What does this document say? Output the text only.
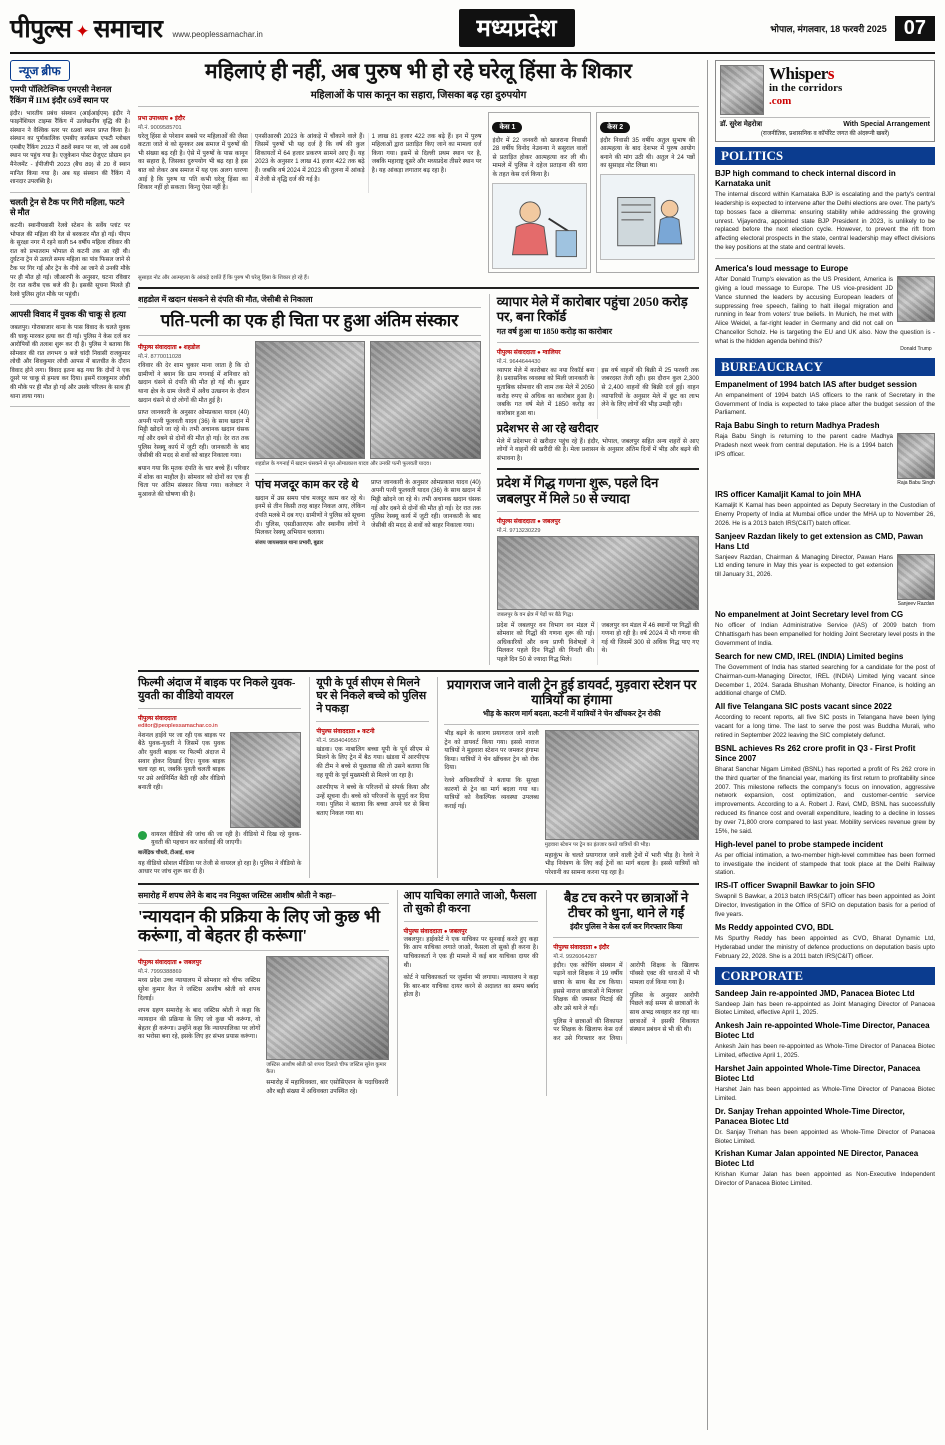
पीपुल्स ✦ समाचार www.peoplessamachar.in	मध्यप्रदेश	भोपाल, मंगलवार, 18 फरवरी 2025 07
न्यूज ब्रीफ
एमपी पॉलिटेक्निक एमएसी नेशनल रैंकिंग में IIM इंदौर 69वें स्थान पर
इंदौर। भारतीय प्रबंध संस्थान (आईआईएम) इंदौर ने फाइनेंशियल टाइम्स रैंकिंग में उल्लेखनीय वृद्धि की है। संस्थान ने वैश्विक स्तर पर 69वां स्थान प्राप्त किया है। संस्थान का पूर्णकालिक एमबीए कार्यक्रम एफटी ग्लोबल एमबीए रैंकिंग 2023 में 88वें स्थान पर था, जो अब 69वें स्थान पर पहुंच गया है। एजुकेशन पोस्ट ग्रेजुएट प्रोग्राम इन मैनेजमेंट - ईपीजीपी 2023 (बैच 89) से 20 वें स्थान मानित किया गया है। अब यह संस्थान की रैंकिंग में शानदार उपलब्धि है।
चलती ट्रेन से टैक पर गिरी महिला, फटने से मौत
कटनी। स्थानीयवासी रेलवे स्टेशन के सर्वेय प्लांट पर भोपाल की महिला की रेल से बरकरार मौत हो गई। पीएम के सुरक्षा नगर में रहने वाली 54 वर्षीय महिला रविवार की रात को प्रभातराम भोपाल से कटनी तक आ रही थी। दुर्घटना ट्रेन से उतरते समय महिला का पांव फिसल जाने से टैक पर गिर गई और ट्रेन के नीचे आ जाने से उनकी मौके पर ही मौत हो गई। जीआरपी के अनुसार, घटना रविवार देर रात करीब एक बजे की है। इसकी सूचना मिलते ही रेलवे पुलिस तुरंत मौके पर पहुंची।
आपसी विवाद में युवक की चाकू से हत्या
जबलपुर। गोराबाजार थाना के पास विवाद के चलते युवक की चाकू मारकर हत्या कर दी गई। पुलिस ने केस दर्ज कर आरोपियों की तलाश शुरू कर दी है। पुलिस ने बताया कि सोमवार की रात लगभग 9 बजे चांदी निवासी राजकुमार लोधी और शिवकुमार लोधी आपस में बातचीत के दौरान विवाद होने लगा। विवाद इतना बढ़ गया कि दोनों ने एक दूसरे पर चाकू से हमला कर दिया। इसमें राजकुमार लोधी की मौके पर ही मौत हो गई और उसके परिजन के साथ ही थाना लाया गया।
महिलाएं ही नहीं, अब पुरुष भी हो रहे घरेलू हिंसा के शिकार
महिलाओं के पास कानून का सहारा, जिसका बढ़ रहा दुरुपयोग
प्रभा उपाध्याय ● इंदौर
मो.नं. 9009585701
घरेलू हिंसा से परेशान सबसे पर महिलाओं की जैसा कटता जाते थे को सुनकर अब समाज में पुरुषों की भी संख्या बढ़ रही है। ऐसे में पुरुषों के पास कानून का सहारा है, जिसका दुरुपयोग भी बढ़ रहा है इस बात को लेकर अब समाज में यह एक अलग धारणा आई है कि पुरुष या पति कभी घरेलू हिंसा का शिकार नहीं हो सकता। किन्तु ऐसा नहीं है।
एनसीआरबी 2023 के आंकड़े में चौंकाने वाले हैं। जिसमें पुरुषों भी यह दर्ज है कि वर्ष की कुल शिकायतों में 64 हजार प्रकरण सामने आए हैं। यह 2023 के अनुसार 1 लाख 41 हजार 422 तक बढ़े हैं। जबकि वर्ष 2024 में 2023 की तुलना में आंकड़े में तेजी से वृद्धि दर्ज की गई है।
1 लाख 81 हजार 422 तक बढ़े हैं। इन में पुरुष महिलाओं द्वारा प्रताड़ित किए जाने का मामला दर्ज किया गया। इसमें से दिल्ली प्रथम स्थान पर है, जबकि महाराष्ट्र दूसरे और मध्यप्रदेश तीसरे स्थान पर है। यह आंकड़ा लगातार बढ़ रहा है।
केस 1
इंदौर में 22 जनवरी को खजराना निवासी 28 वर्षीय विनोद नेउवन्या ने ससुराल वालों से प्रताड़ित होकर आत्महत्या कर ली थी। मामले में पुलिस ने दहेज प्रताड़ना की धारा के तहत केस दर्ज किया है।
केस 2
इंदौर निवासी 35 वर्षीय अतुल सुभाष की आत्महत्या के बाद देशभर में पुरुष आयोग बनाने की मांग उठी थी। अतुल ने 24 पन्नों का सुसाइड नोट लिखा था।
सुसाइड नोट और आत्महत्या के आंकड़े दर्शाते हैं कि पुरुष भी घरेलू हिंसा के शिकार हो रहे हैं।
शहडोल में खदान धंसकने से दंपति की मौत, जेसीबी से निकाला
पति-पत्नी का एक ही चिता पर हुआ अंतिम संस्कार
पीपुल्स संवाददाता ● शहडोल
मो.नं. 8770011028
रविवार की देर शाम चुकार माना जाता है कि दो ग्रामीणों ने बयान कि ग्राम गगनाई में शनिवार को खदान धंसने से दंपति की मौत हो गई थी। बुढार थाना क्षेत्र के ग्राम जेवरी में अवैध उत्खनन के दौरान खदान धंसने से दो लोगों की मौत हुई है।
प्राप्त जानकारी के अनुसार ओमप्रकाश यादव (40) अपनी पत्नी फूलवती यादव (36) के साथ खदान में मिट्टी खोदने जा रहे थे। तभी अचानक खदान धंसक गई और दबने से दोनों की मौत हो गई। देर रात तक पुलिस रेस्क्यू कार्य में जुटी रही। जानकारी के बाद जेसीबी की मदद से शवों को बाहर निकाला गया।
बयान गया कि मृतक दंपति के चार बच्चे हैं। परिवार में शोक का माहौल है। सोमवार को दोनों का एक ही चिता पर अंतिम संस्कार किया गया। कलेक्टर ने मुआवजे की घोषणा की है।
शहडोल के गगनाई में खदान धंसकने से मृत ओमप्रकाश यादव और उनकी पत्नी फूलवती यादव।
पांच मजदूर काम कर रहे थे
खदान में उस समय पांच मजदूर काम कर रहे थे। इनमें से तीन किसी तरह बाहर निकल आए, लेकिन दंपति मलबे में दब गए। ग्रामीणों ने पुलिस को सूचना दी। पुलिस, एसडीआरएफ और स्थानीय लोगों ने मिलकर रेस्क्यू अभियान चलाया।
संजय जायसवाल थाना प्रभारी, बुढार
प्राप्त जानकारी के अनुसार ओमप्रकाश यादव (40) अपनी पत्नी फूलवती यादव (36) के साथ खदान में मिट्टी खोदने जा रहे थे। तभी अचानक खदान धंसक गई और दबने से दोनों की मौत हो गई। देर रात तक पुलिस रेस्क्यू कार्य में जुटी रही। जानकारी के बाद जेसीबी की मदद से शवों को बाहर निकाला गया।
व्यापार मेले में कारोबार पहुंचा 2050 करोड़ पर, बना रिकॉर्ड
गत वर्ष हुआ था 1850 करोड़ का कारोबार
पीपुल्स संवाददाता ● ग्वालियर
मो.नं. 9644644430
व्यापार मेले में कारोबार का नया रिकॉर्ड बना है। प्रशासनिक व्यवस्था को मिली जानकारी के मुताबिक सोमवार की शाम तक मेले में 2050 करोड़ रुपए से अधिक का कारोबार हुआ है। जबकि गत वर्ष मेले में 1850 करोड़ का कारोबार हुआ था।
इस वर्ष वाहनों की बिक्री में 25 फरवरी तक जबरदस्त तेजी रही। इस दौरान कुल 2,300 से 2,400 वाहनों की बिक्री दर्ज हुई। वाहन व्यापारियों के अनुसार मेले में छूट का लाभ लेने के लिए लोगों की भीड़ उमड़ी रही।
प्रदेशभर से आ रहे खरीदार
मेले में प्रदेशभर से खरीदार पहुंच रहे हैं। इंदौर, भोपाल, जबलपुर सहित अन्य शहरों से आए लोगों ने वाहनों की खरीदी की है। मेला प्रशासन के अनुसार अंतिम दिनों में भीड़ और बढ़ने की संभावना है।
प्रदेश में गिद्ध गणना शुरू, पहले दिन जबलपुर में मिले 50 से ज्यादा
पीपुल्स संवाददाता ● जबलपुर
मो.नं. 9713230229
जबलपुर के वन क्षेत्र में पेड़ों पर बैठे गिद्ध।
प्रदेश में जबलपुर वन विभाग वन मंडल में सोमवार को गिद्धों की गणना शुरू की गई। अधिकारियों और वन्य प्राणी विशेषज्ञों ने मिलकर पहले दिन गिद्धों की गिनती की। पहले दिन 50 से ज्यादा गिद्ध मिले।
जबलपुर वन मंडल में 46 स्थानों पर गिद्धों की गणना हो रही है। वर्ष 2024 में भी गणना की गई थी जिसमें 300 से अधिक गिद्ध पाए गए थे।
फिल्मी अंदाज में बाइक पर निकले युवक-युवती का वीडियो वायरल
पीपुल्स संवाददाता
editor@peoplessamachar.co.in
नेशनल हाईवे पर जा रही एक बाइक पर बैठे युवक-युवती ने जिसमें एक युवक और युवती बाइक पर फिल्मी अंदाज में सवार होकर दिखाई दिए। युवक बाइक चला रहा था, जबकि युवती चलती बाइक पर उसे अर्धनिर्मित बैठी रही और वीडियो बनाती रही।
वायरल वीडियो की जांच की जा रही है। वीडियो में दिख रहे युवक-युवती की पहचान कर कार्रवाई की जाएगी।
बालेंद्रिक चौधरी, टीआई, थाना
यह वीडियो सोशल मीडिया पर तेजी से वायरल हो रहा है। पुलिस ने वीडियो के आधार पर जांच शुरू कर दी है।
यूपी के पूर्व सीएम से मिलने घर से निकले बच्चे को पुलिस ने पकड़ा
पीपुल्स संवाददाता ● कटनी
मो.नं. 9584049557
खंडवा। एक नाबालिग बच्चा यूपी के पूर्व सीएम से मिलने के लिए ट्रेन में बैठ गया। खंडवा में आरपीएफ की टीम ने बच्चे से पूछताछ की तो उसने बताया कि वह यूपी के पूर्व मुख्यमंत्री से मिलने जा रहा है।
आरपीएफ ने बच्चे के परिजनों से संपर्क किया और उन्हें सूचना दी। बच्चे को परिजनों के सुपुर्द कर दिया गया। पुलिस ने बताया कि बच्चा अपने घर से बिना बताए निकल गया था।
प्रयागराज जाने वाली ट्रेन हुई डायवर्ट, मुड़वारा स्टेशन पर यात्रियों का हंगामा
भीड़ के कारण मार्ग बदला, कटनी में यात्रियों ने चेन खींचकर ट्रेन रोकी
भीड़ बढ़ने के कारण प्रयागराज जाने वाली ट्रेन को डायवर्ट किया गया। इससे नाराज यात्रियों ने मुड़वारा स्टेशन पर जमकर हंगामा किया। यात्रियों ने चेन खींचकर ट्रेन को रोक दिया।
रेलवे अधिकारियों ने बताया कि सुरक्षा कारणों से ट्रेन का मार्ग बदला गया था। यात्रियों को वैकल्पिक व्यवस्था उपलब्ध कराई गई।
मुड़वारा स्टेशन पर ट्रेन का इंतजार करते यात्रियों की भीड़।
महाकुंभ के चलते प्रयागराज जाने वाली ट्रेनों में भारी भीड़ है। रेलवे ने भीड़ नियंत्रण के लिए कई ट्रेनों का मार्ग बदला है। इससे यात्रियों को परेशानी का सामना करना पड़ रहा है।
समारोह में शपथ लेने के बाद नव नियुक्त जस्टिस आशीष श्रोती ने कहा–
'न्यायदान की प्रक्रिया के लिए जो कुछ भी करूंगा, वो बेहतर ही करूंगा'
पीपुल्स संवाददाता ● जबलपुर
मो.नं. 7999388869
मध्य प्रदेश उच्च न्यायालय में सोमवार को चीफ जस्टिस सुरेश कुमार कैत ने जस्टिस आशीष श्रोती को शपथ दिलाई।
शपथ ग्रहण समारोह के बाद जस्टिस श्रोती ने कहा कि न्यायदान की प्रक्रिया के लिए जो कुछ भी करूंगा, वो बेहतर ही करूंगा। उन्होंने कहा कि न्यायपालिका पर लोगों का भरोसा बना रहे, इसके लिए हर संभव प्रयास करूंगा।
जस्टिस आशीष श्रोती को शपथ दिलाते चीफ जस्टिस सुरेश कुमार कैत।
समारोह में महाधिवक्ता, बार एसोसिएशन के पदाधिकारी और बड़ी संख्या में अधिवक्ता उपस्थित रहे।
आप याचिका लगाते जाओ, फैसला तो सुको ही करना
पीपुल्स संवाददाता ● जबलपुर
जबलपुर। हाईकोर्ट ने एक याचिका पर सुनवाई करते हुए कहा कि आप याचिका लगाते जाओ, फैसला तो सुको ही करना है। याचिकाकर्ता ने एक ही मामले में कई बार याचिका दायर की थी।
कोर्ट ने याचिकाकर्ता पर जुर्माना भी लगाया। न्यायालय ने कहा कि बार-बार याचिका दायर करने से अदालत का समय बर्बाद होता है।
बैड टच करने पर छात्राओं ने टीचर को धुना, थाने ले गईं
इंदौर पुलिस ने केस दर्ज कर गिरफ्तार किया
पीपुल्स संवाददाता ● इंदौर
मो.नं. 9926064287
इंदौर। एक कोचिंग संस्थान में पढ़ाने वाले शिक्षक ने 19 वर्षीय छात्रा के साथ बैड टच किया। इससे नाराज छात्राओं ने मिलकर शिक्षक की जमकर पिटाई की और उसे थाने ले गईं।
पुलिस ने छात्राओं की शिकायत पर शिक्षक के खिलाफ केस दर्ज कर उसे गिरफ्तार कर लिया। आरोपी शिक्षक के खिलाफ पॉक्सो एक्ट की धाराओं में भी मामला दर्ज किया गया है।
पुलिस के अनुसार आरोपी पिछले कई समय से छात्राओं के साथ अभद्र व्यवहार कर रहा था। छात्राओं ने इसकी शिकायत संस्थान प्रबंधन से भी की थी।
Whispers
in the corridors
.com
डॉ. सुरेश मेहरोत्रा	With Special Arrangement
(राजनीतिक, प्रशासनिक व कॉर्पोरेट जगत की अंदरूनी खबरें)
POLITICS
BJP high command to check internal discord in Karnataka unit
The internal discord within Karnataka BJP is escalating and the party's central leadership is expected to intervene after the Delhi elections are over. The party's top bosses face a dilemma: ensuring stability while addressing the growing unrest. Vijayendra, appointed state BJP President in 2023, is unlikely to be replaced before the next election cycle. However, to prevent the rift from affecting electoral prospects in the state, central leadership may effect divisions the key positions at the state and central levels.
America's loud message to Europe
After Donald Trump's elevation as the US President, America is giving a loud message to Europe. The US vice-president JD Vance stunned the leaders by accusing European leaders of suppressing free speech, failing to halt illegal migration and running in fear from voters' true beliefs. In Munich, he met with Alice Weidel, a far-right leader in Germany and did not call on Chancellor Scholz. He is targeting the EU and UK also. Now the question is - what is the hidden agenda behind this?
Donald Trump
BUREAUCRACY
Empanelment of 1994 batch IAS after budget session
An empanelment of 1994 batch IAS officers to the rank of Secretary in the Government of India is expected to take place after the budget session of the Parliament.
Raja Babu Singh to return Madhya Pradesh
Raja Babu Singh is returning to the parent cadre Madhya Pradesh next week from central deputation. He is a 1994 batch IPS officer.
Raja Babu Singh
IRS officer Kamaljit Kamal to join MHA
Kamaljit K Kamal has been appointed as Deputy Secretary in the Custodian of Enemy Property of India at Mumbai office under the MHA up to November 26, 2026. He is a 2013 batch IRS(C&IT) batch officer.
Sanjeev Razdan likely to get extension as CMD, Pawan Hans Ltd
Sanjeev Razdan, Chairman & Managing Director, Pawan Hans Ltd ending tenure in May this year is expected to get extension till January 31, 2026.
Sanjeev Razdan
No empanelment at Joint Secretary level from CG
No officer of Indian Administrative Service (IAS) of 2009 batch from Chhattisgarh has been empanelled for holding Joint Secretary level posts in the Government of India.
Search for new CMD, IREL (INDIA) Limited begins
The Government of India has started searching for a candidate for the post of Chairman-cum-Managing Director, IREL (INDIA) Limited lying vacant since December 1, 2024. Sarada Bhushan Mohanty, Director Finance, is holding an additional charge of CMD.
All five Telangana SIC posts vacant since 2022
According to recent reports, all five SIC posts in Telangana have been lying vacant for a long time. The last to serve the post was Buddha Murali, who retired in September 2022 leaving the SIC completely defunct.
BSNL achieves Rs 262 crore profit in Q3 - First Profit Since 2007
Bharat Sanchar Nigam Limited (BSNL) has reported a profit of Rs 262 crore in the third quarter of the financial year, marking its first return to profitability since 2007. This milestone reflects the company's focus on innovation, aggressive network expansion, cost optimization, and customer-centric service improvements. According to a A. Robert J. Ravi, CMD, BSNL has successfully reduced its finance cost and overall expenditure, leading to a decline in losses by over 71,800 crore compared to last year. Mobility services revenue grew by 15%, he said.
High-level panel to probe stampede incident
As per official intimation, a two-member high-level committee has been formed to investigate the incident of stampede that took place at the Delhi Railway station.
IRS-IT officer Swapnil Bawkar to join SFIO
Swapnil S Bawkar, a 2013 batch IRS(C&IT) officer has been appointed as Joint Director, Investigation in the Office of SFIO on deputation basis for a period of five years.
Ms Reddy appointed CVO, BDL
Ms Spurthy Reddy has been appointed as CVO, Bharat Dynamic Ltd, Hyderabad under the ministry of defence productions on deputation basis upto February 22, 2028. She is a 2011 batch IRS(C&IT) officer.
CORPORATE
Sandeep Jain re-appointed JMD, Panacea Biotec Ltd
Sandeep Jain has been re-appointed as Joint Managing Director of Panacea Biotec Limited, effective April 1, 2025.
Ankesh Jain re-appointed Whole-Time Director, Panacea Biotec Ltd
Ankesh Jain has been re-appointed as Whole-Time Director of Panacea Biotec Limited, effective April 1, 2025.
Harshet Jain appointed Whole-Time Director, Panacea Biotec Ltd
Harshet Jain has been appointed as Whole-Time Director of Panacea Biotec Limited.
Dr. Sanjay Trehan appointed Whole-Time Director, Panacea Biotec Ltd
Dr. Sanjay Trehan has been appointed as Whole-Time Director of Panacea Biotec Limited.
Krishan Kumar Jalan appointed NE Director, Panacea Biotec Ltd
Krishan Kumar Jalan has been appointed as Non-Executive Independent Director of Panacea Biotec Limited.
